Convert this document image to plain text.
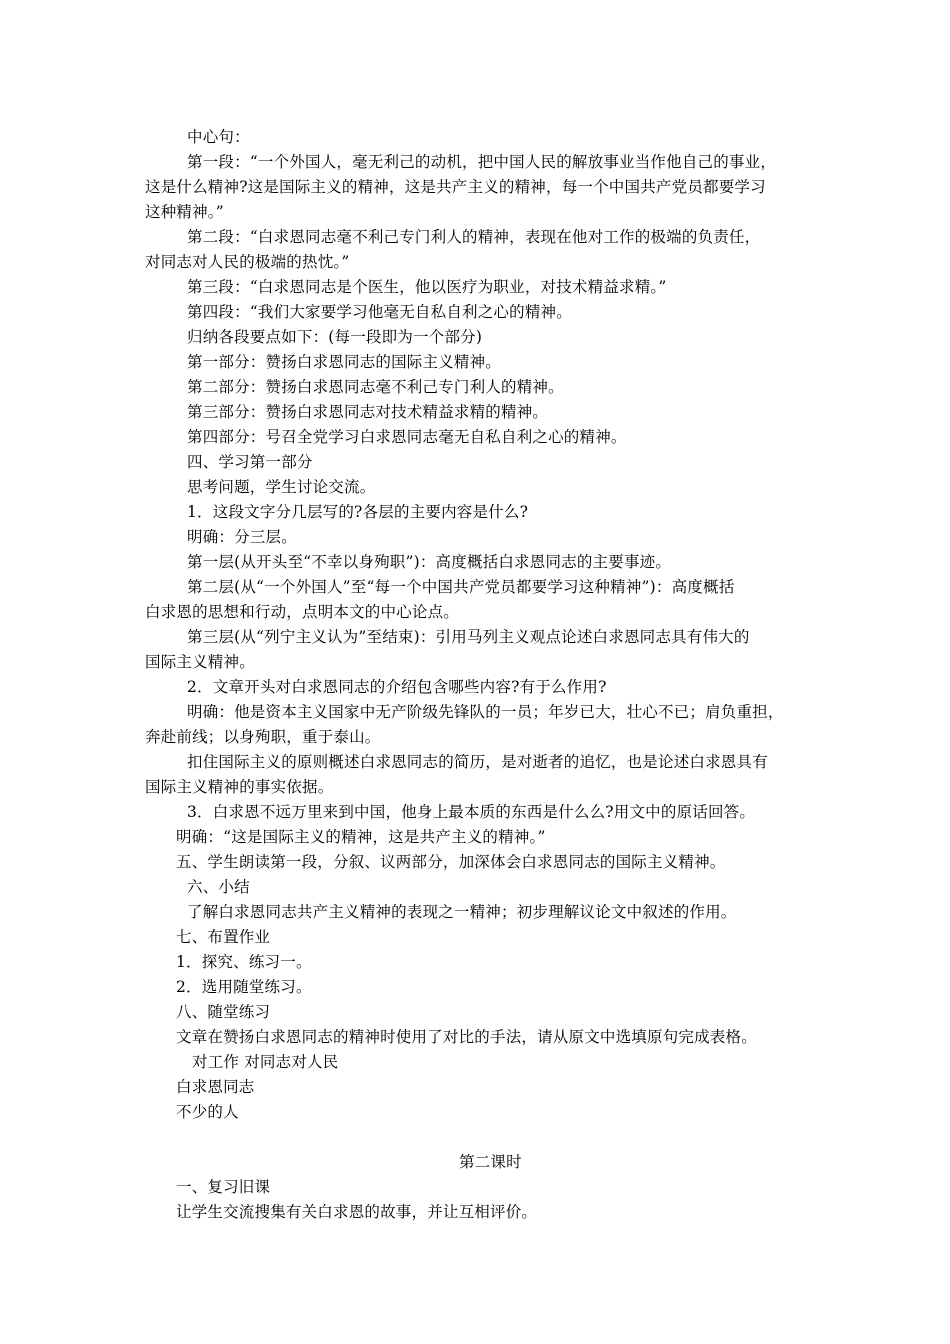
中心句：
第一段：“一个外国人，毫无利己的动机，把中国人民的解放事业当作他自己的事业，
这是什么精神?这是国际主义的精神，这是共产主义的精神，每一个中国共产党员都要学习
这种精神。”
第二段：“白求恩同志毫不利己专门利人的精神，表现在他对工作的极端的负责任，
对同志对人民的极端的热忱。”
第三段：“白求恩同志是个医生，他以医疗为职业，对技术精益求精。”
第四段：“我们大家要学习他毫无自私自利之心的精神。
归纳各段要点如下：(每一段即为一个部分)
第一部分：赞扬白求恩同志的国际主义精神。
第二部分：赞扬白求恩同志毫不利己专门利人的精神。
第三部分：赞扬白求恩同志对技术精益求精的精神。
第四部分：号召全党学习白求恩同志毫无自私自利之心的精神。
四、学习第一部分
思考问题，学生讨论交流。
1．这段文字分几层写的?各层的主要内容是什么?
明确：分三层。
第一层(从开头至“不幸以身殉职”)：高度概括白求恩同志的主要事迹。
第二层(从“一个外国人”至“每一个中国共产党员都要学习这种精神”)：高度概括
白求恩的思想和行动，点明本文的中心论点。
第三层(从“列宁主义认为”至结束)：引用马列主义观点论述白求恩同志具有伟大的
国际主义精神。
2．文章开头对白求恩同志的介绍包含哪些内容?有于么作用?
明确：他是资本主义国家中无产阶级先锋队的一员；年岁已大，壮心不已；肩负重担，
奔赴前线；以身殉职，重于泰山。
扣住国际主义的原则概述白求恩同志的简历，是对逝者的追忆，也是论述白求恩具有
国际主义精神的事实依据。
3．白求恩不远万里来到中国，他身上最本质的东西是什么么?用文中的原话回答。
明确：“这是国际主义的精神，这是共产主义的精神。”
五、学生朗读第一段，分叙、议两部分，加深体会白求恩同志的国际主义精神。
六、小结
了解白求恩同志共产主义精神的表现之一精神；初步理解议论文中叙述的作用。
七、布置作业
1．探究、练习一。
2．选用随堂练习。
八、随堂练习
文章在赞扬白求恩同志的精神时使用了对比的手法，请从原文中选填原句完成表格。
对工作 对同志对人民
白求恩同志
不少的人
第二课时
一、复习旧课
让学生交流搜集有关白求恩的故事，并让互相评价。
